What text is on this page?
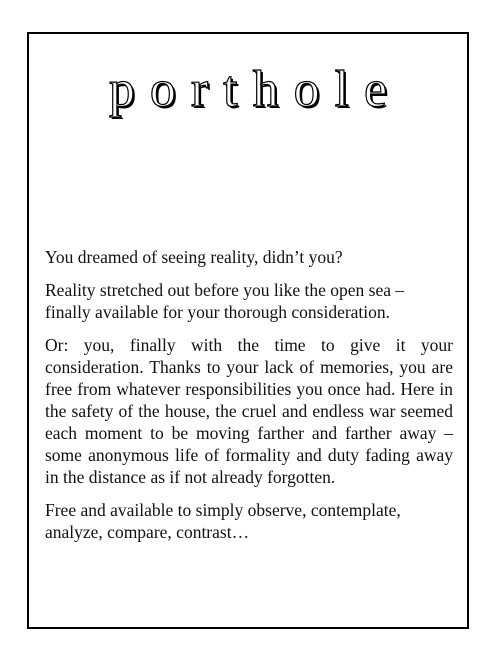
porthole

You dreamed of seeing reality, didn’t you?

Reality stretched out before you like the open sea – finally available for your thorough consideration.

Or: you, finally with the time to give it your consideration. Thanks to your lack of memories, you are free from whatever responsibilities you once had. Here in the safety of the house, the cruel and endless war seemed each moment to be moving farther and farther away – some anonymous life of formality and duty fading away in the distance as if not already forgotten.

Free and available to simply observe, contemplate, analyze, compare, contrast…
